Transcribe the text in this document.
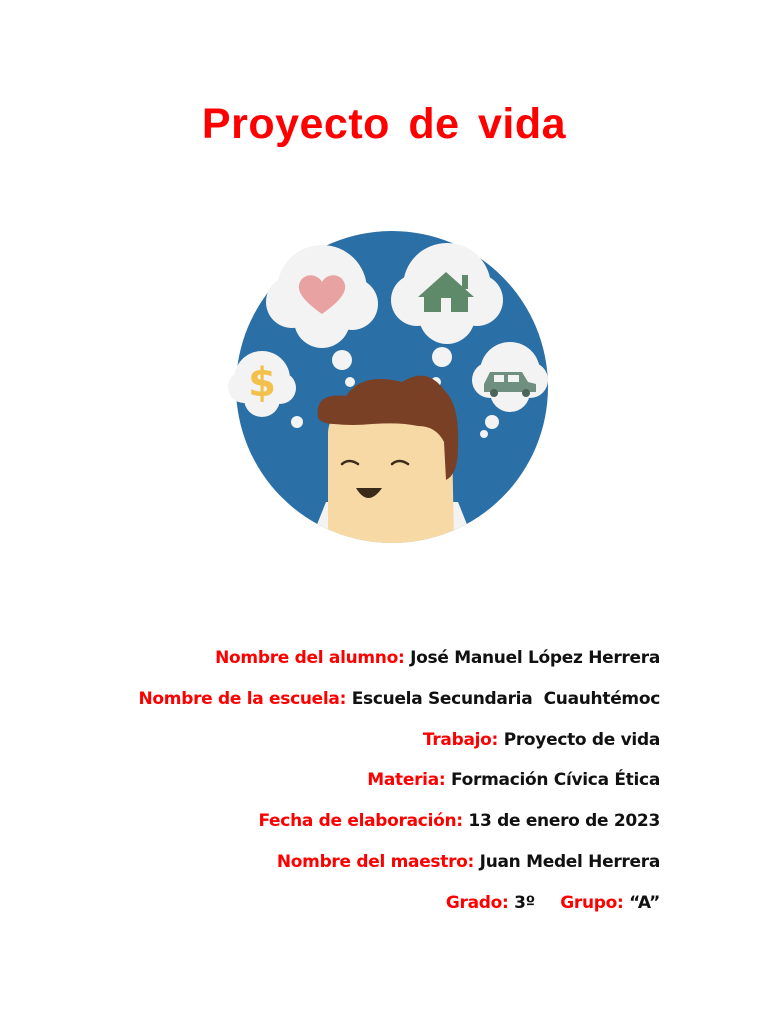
Proyecto de vida
$
Nombre del alumno: José Manuel López Herrera
Nombre de la escuela: Escuela Secundaria  Cuauhtémoc
Trabajo: Proyecto de vida
Materia: Formación Cívica Ética
Fecha de elaboración: 13 de enero de 2023
Nombre del maestro: Juan Medel Herrera
Grado: 3º Grupo: “A”
